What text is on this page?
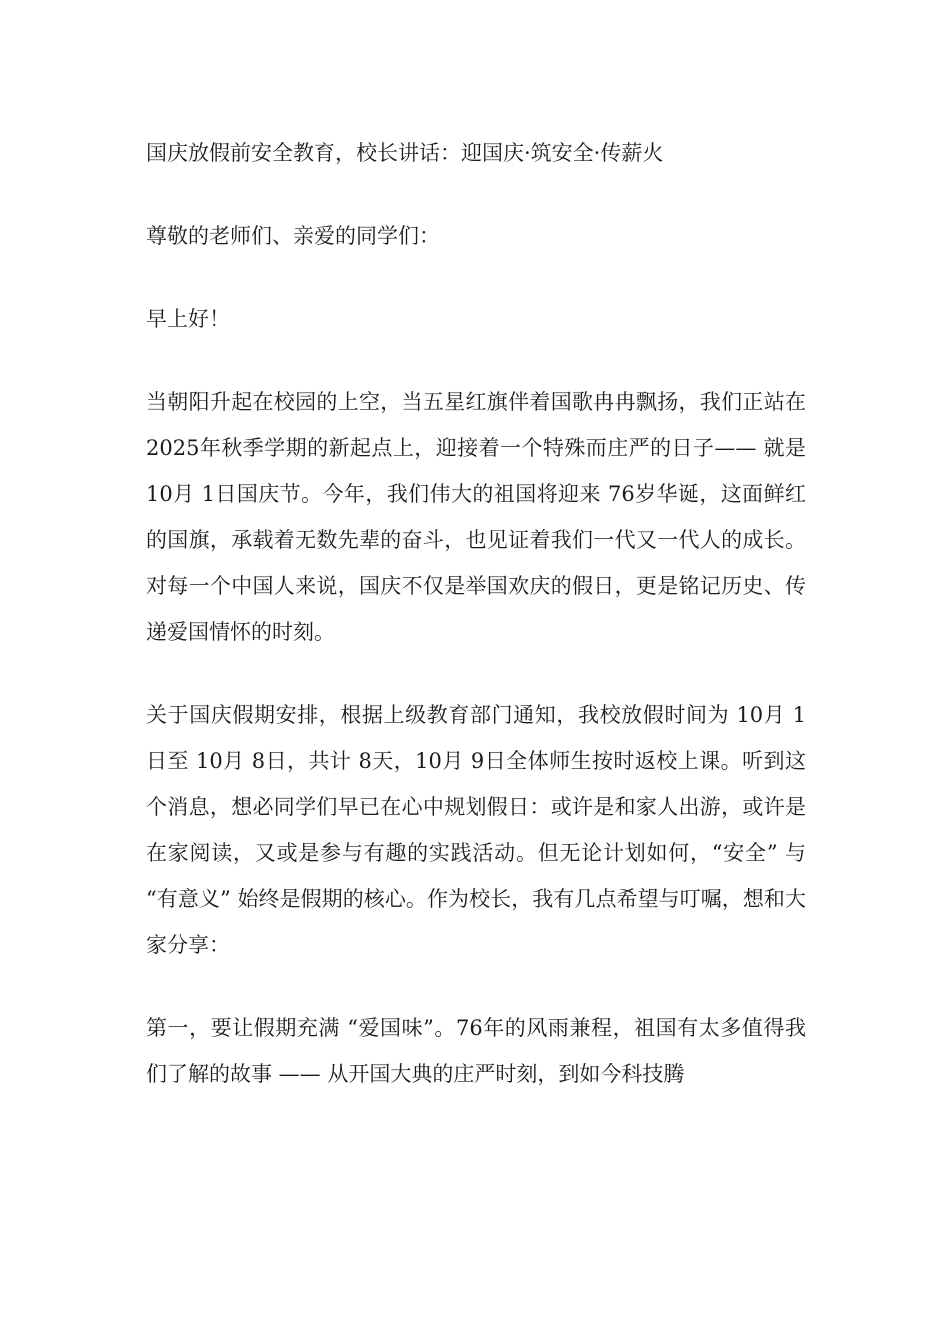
国庆放假前安全教育，校长讲话：迎国庆·筑安全·传薪火

尊敬的老师们、亲爱的同学们：

早上好！

当朝阳升起在校园的上空，当五星红旗伴着国歌冉冉飘扬，我们正站在 2025年秋季学期的新起点上，迎接着一个特殊而庄严的日子—— 就是 10月 1日国庆节。今年，我们伟大的祖国将迎来 76岁华诞，这面鲜红的国旗，承载着无数先辈的奋斗，也见证着我们一代又一代人的成长。对每一个中国人来说，国庆不仅是举国欢庆的假日，更是铭记历史、传递爱国情怀的时刻。

关于国庆假期安排，根据上级教育部门通知，我校放假时间为 10月 1日至 10月 8日，共计 8天，10月 9日全体师生按时返校上课。听到这个消息，想必同学们早已在心中规划假日：或许是和家人出游，或许是在家阅读，又或是参与有趣的实践活动。但无论计划如何，“安全” 与 “有意义” 始终是假期的核心。作为校长，我有几点希望与叮嘱，想和大家分享：

第一，要让假期充满 “爱国味”。76年的风雨兼程，祖国有太多值得我们了解的故事 —— 从开国大典的庄严时刻，到如今科技腾
